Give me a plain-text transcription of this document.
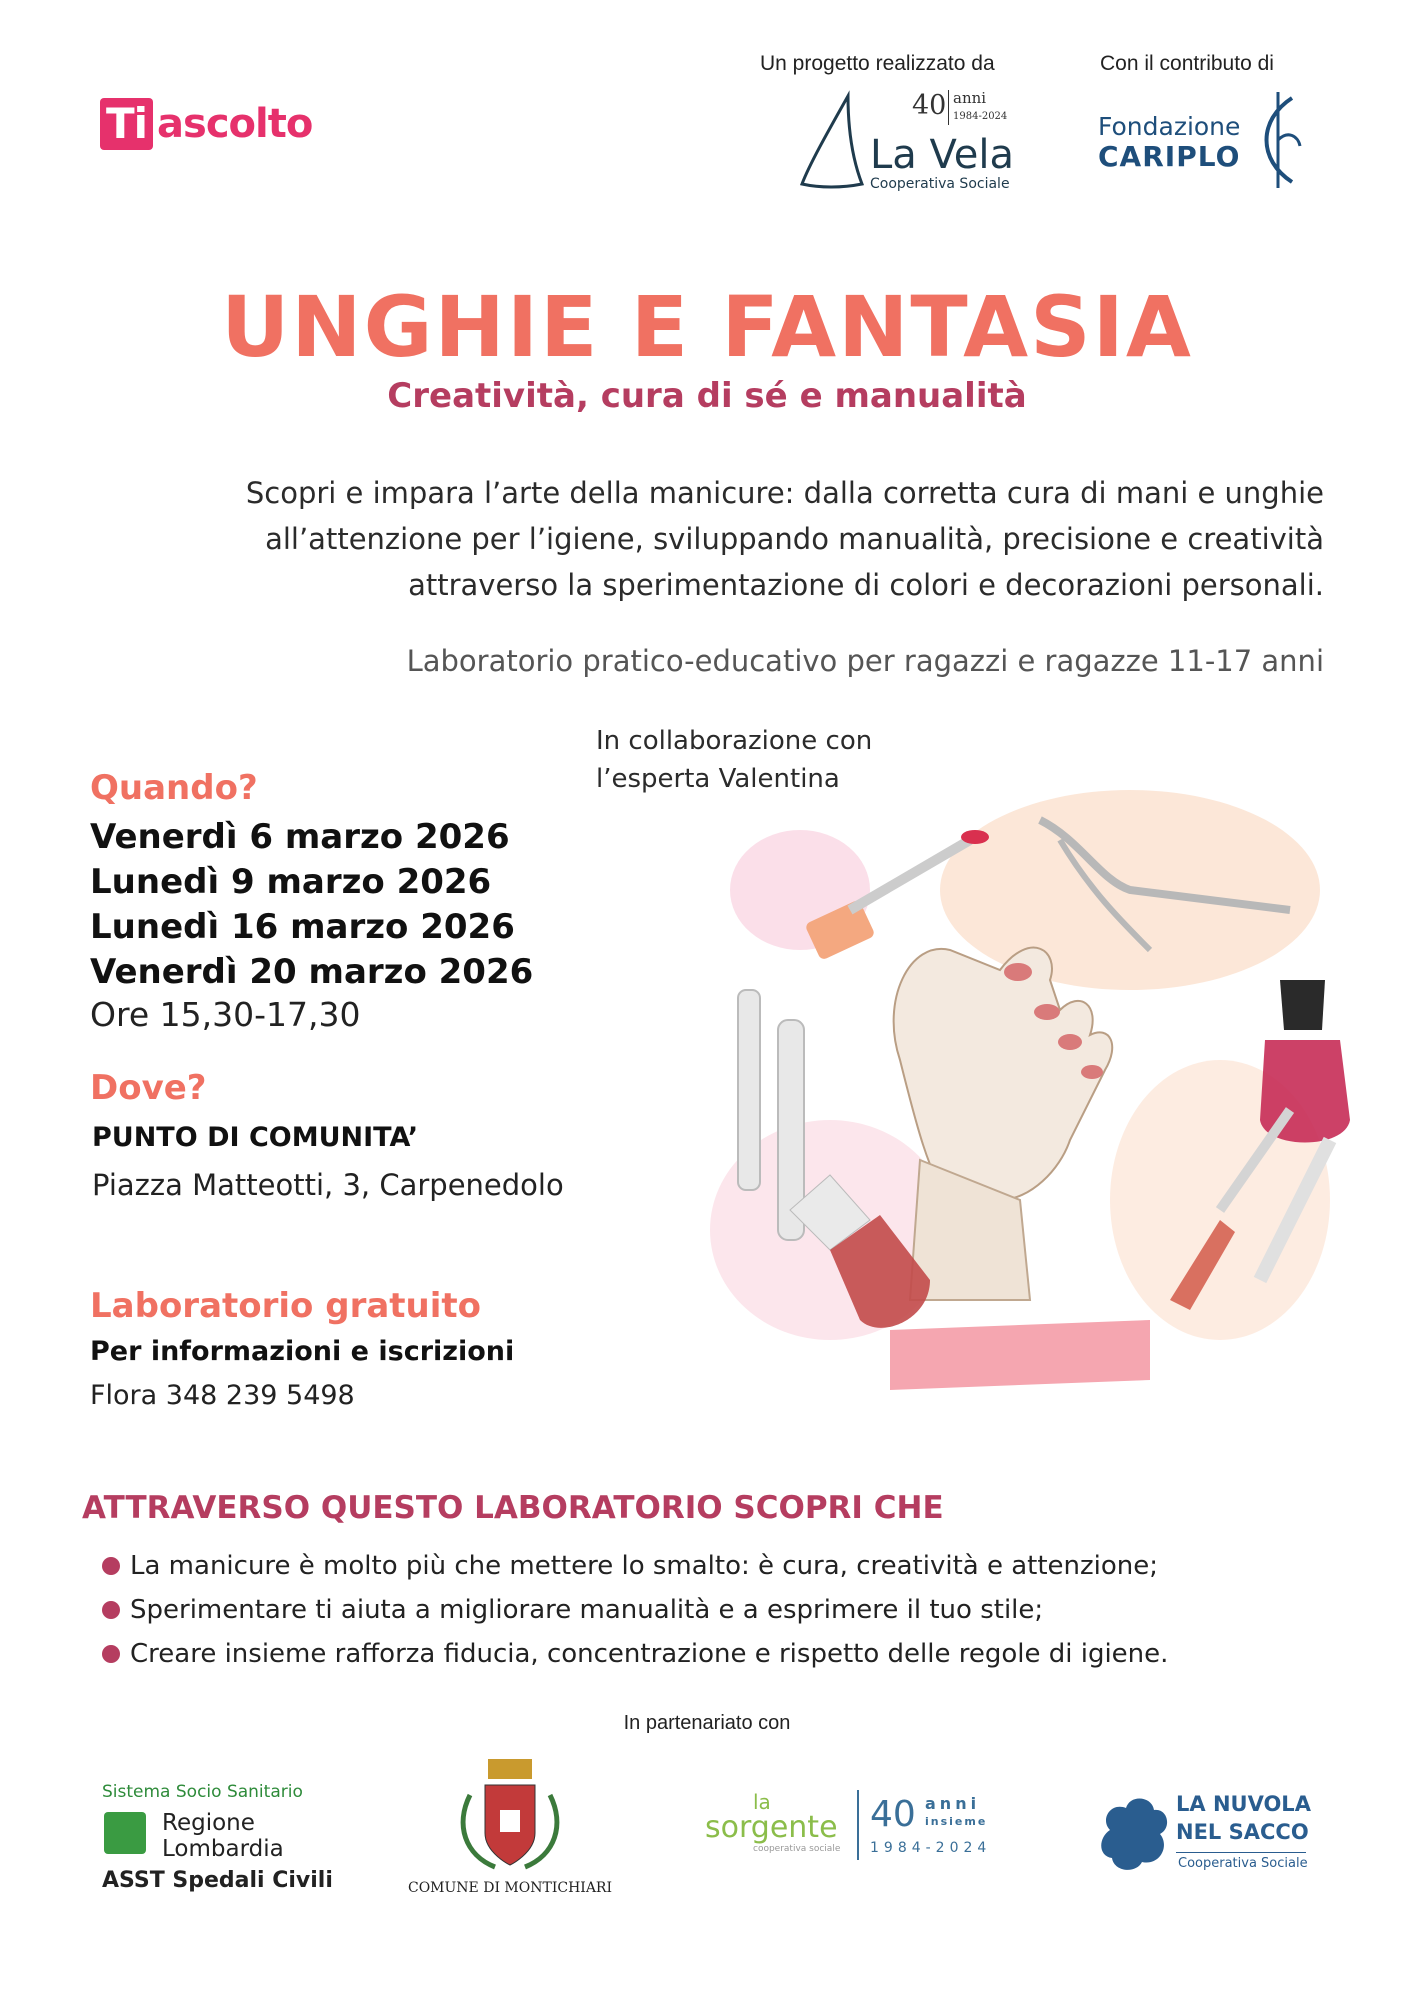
Ti ascolto
Un progetto realizzato da	Con il contributo di
40 anni
1984-2024
La Vela
Cooperativa Sociale
Fondazione
CARIPLO
UNGHIE E FANTASIA
Creatività, cura di sé e manualità
Scopri e impara l’arte della manicure: dalla corretta cura di mani e unghie all’attenzione per l’igiene, sviluppando manualità, precisione e creatività attraverso la sperimentazione di colori e decorazioni personali.
Laboratorio pratico-educativo per ragazzi e ragazze 11-17 anni
In collaborazione con
l’esperta Valentina
Quando?
Venerdì 6 marzo 2026
Lunedì 9 marzo 2026
Lunedì 16 marzo 2026
Venerdì 20 marzo 2026
Ore 15,30-17,30
Dove?
PUNTO DI COMUNITA’
Piazza Matteotti, 3, Carpenedolo
Laboratorio gratuito
Per informazioni e iscrizioni
Flora 348 239 5498
ATTRAVERSO QUESTO LABORATORIO SCOPRI CHE
La manicure è molto più che mettere lo smalto: è cura, creatività e attenzione;
Sperimentare ti aiuta a migliorare manualità e a esprimere il tuo stile;
Creare insieme rafforza fiducia, concentrazione e rispetto delle regole di igiene.
In partenariato con
Sistema Socio Sanitario
Regione
Lombardia
ASST Spedali Civili	COMUNE DI MONTICHIARI
la
sorgente
cooperativa sociale
40 anni
insieme
1984-2024
LA NUVOLA
NEL SACCO
Cooperativa Sociale
